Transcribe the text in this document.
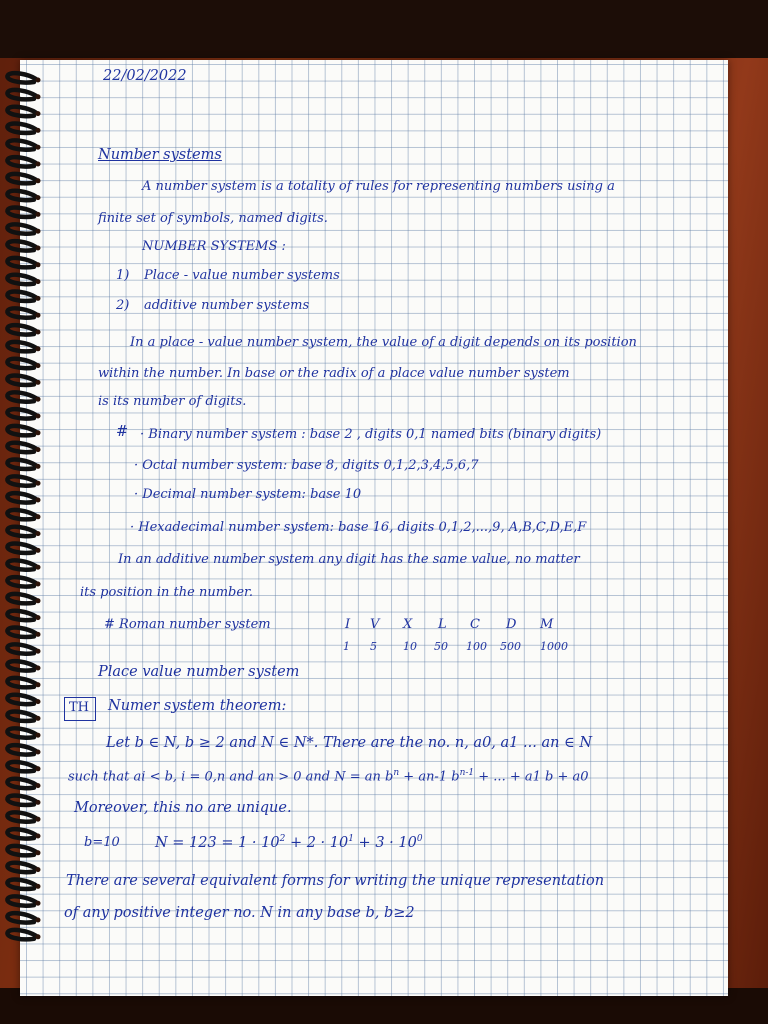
22/02/2022
Number systems
A number system is a totality of rules for representing numbers using a
finite set of symbols, named digits.
NUMBER SYSTEMS :
1) Place - value number systems
2) additive number systems
In a place - value number system, the value of a digit depends on its position
within the number. In base or the radix of a place value number system
is its number of digits.
# · Binary number system : base 2 , digits 0,1 named bits (binary digits)
· Octal number system: base 8, digits 0,1,2,3,4,5,6,7
· Decimal number system: base 10
· Hexadecimal number system: base 16, digits 0,1,2,...,9, A,B,C,D,E,F
In an additive number system any digit has the same value, no matter
its position in the number.
# Roman number system	I V X L C D M
1 5 10 50 100 500 1000
Place value number system
TH Numer system theorem:
Let b ∈ N, b ≥ 2 and N ∈ N*. There are the no. n, a0, a1 ... an ∈ N
such that ai < b, i = 0,n and an > 0 and N = an $b^n + an-1$ $b^{n-1}$ + ... + a1 b + a0
Moreover, this no are unique.
b=10 $N = 123 = 1 \cdot 10^2 + 2 \cdot 10^1 + 3 \cdot 10^0$
There are several equivalent forms for writing the unique representation
of any positive integer no. N in any base b, b≥2
